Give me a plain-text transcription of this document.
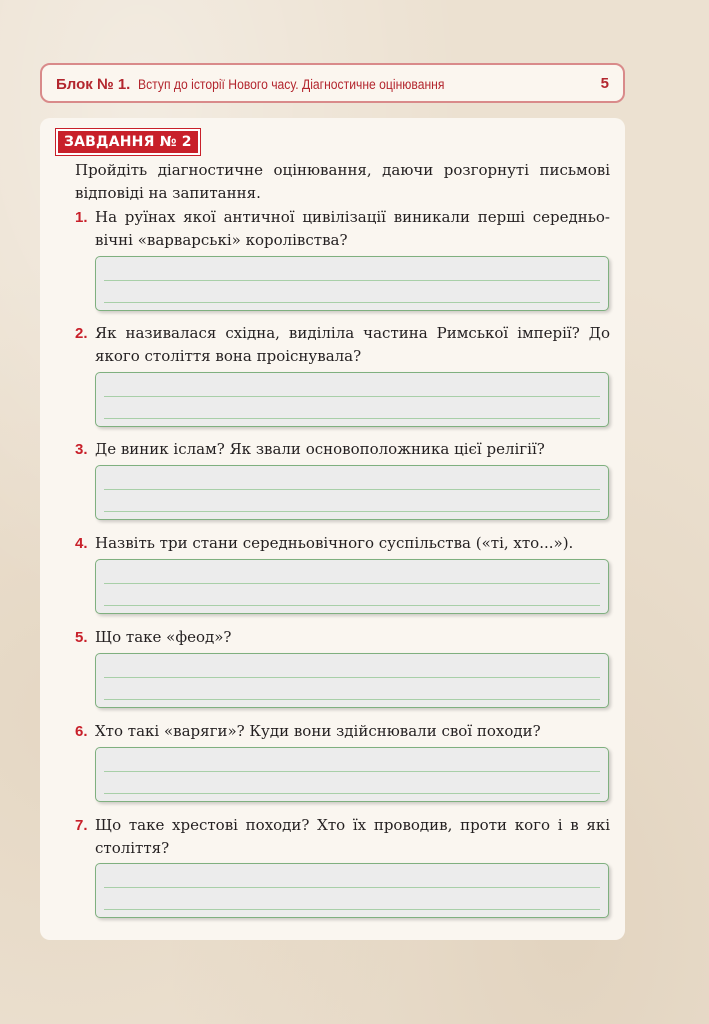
Блок № 1. Вступ до історії Нового часу. Діагностичне оцінювання	5
ЗАВДАННЯ № 2
Пройдіть діагностичне оцінювання, даючи розгорнуті письмові відповіді на запитання.
1. На руїнах якої античної цивілізації виникали перші середньо-вічні «варварські» королівства?
2. Як називалася східна, виділіла частина Римської імперії? До якого століття вона проіснувала?
3. Де виник іслам? Як звали основоположника цієї релігії?
4. Назвіть три стани середньовічного суспільства («ті, хто...»).
5. Що таке «феод»?
6. Хто такі «варяги»? Куди вони здійснювали свої походи?
7. Що таке хрестові походи? Хто їх проводив, проти кого і в які століття?
